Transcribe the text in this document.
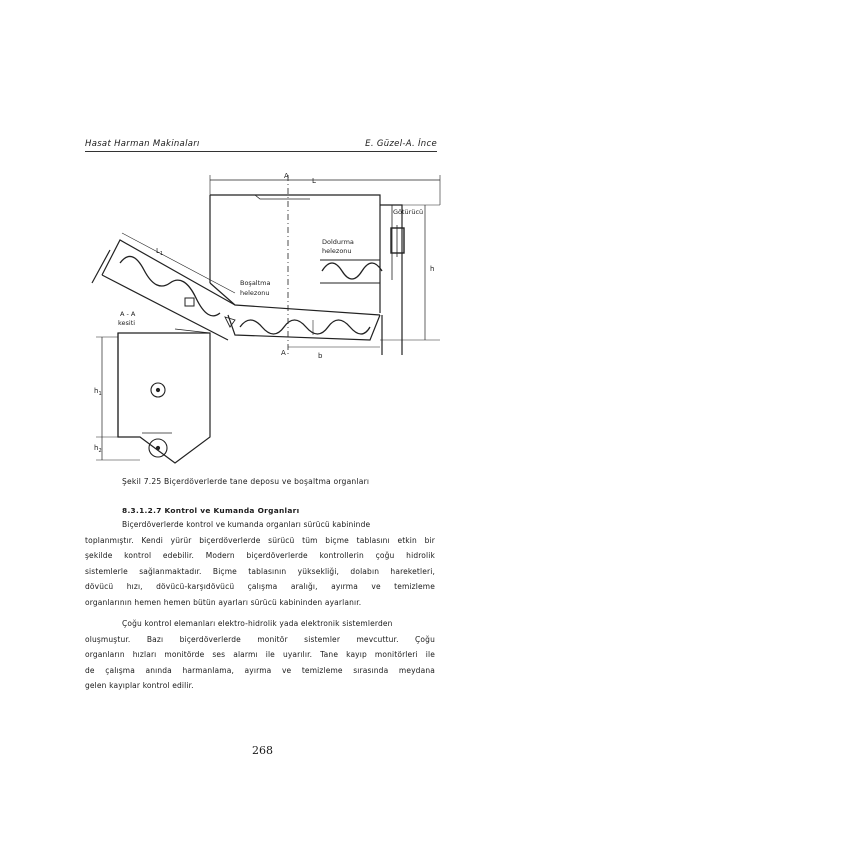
Hasat Harman Makinaları	E. Güzel-A. İnce
A
L
Götürücü
Doldurma
helezonu
Boşaltma
helezonu
$L_1$
h
b
A
A - A
kesiti
$h_1$
$h_2$
Şekil 7.25 Biçerdöverlerde tane deposu ve boşaltma organları
8.3.1.2.7 Kontrol ve Kumanda Organları
Biçerdöverlerde kontrol ve kumanda organları sürücü kabininde
toplanmıştır. Kendi yürür biçerdöverlerde sürücü tüm biçme tablasını etkin bir
şekilde kontrol edebilir. Modern biçerdöverlerde kontrollerin çoğu hidrolik
sistemlerle sağlanmaktadır. Biçme tablasının yüksekliği, dolabın hareketleri,
dövücü hızı, dövücü-karşıdövücü çalışma aralığı, ayırma ve temizleme
organlarının hemen hemen bütün ayarları sürücü kabininden ayarlanır.
Çoğu kontrol elemanları elektro-hidrolik yada elektronik sistemlerden
oluşmuştur. Bazı biçerdöverlerde monitör sistemler mevcuttur. Çoğu
organların hızları monitörde ses alarmı ile uyarılır. Tane kayıp monitörleri ile
de çalışma anında harmanlama, ayırma ve temizleme sırasında meydana
gelen kayıplar kontrol edilir.
268
